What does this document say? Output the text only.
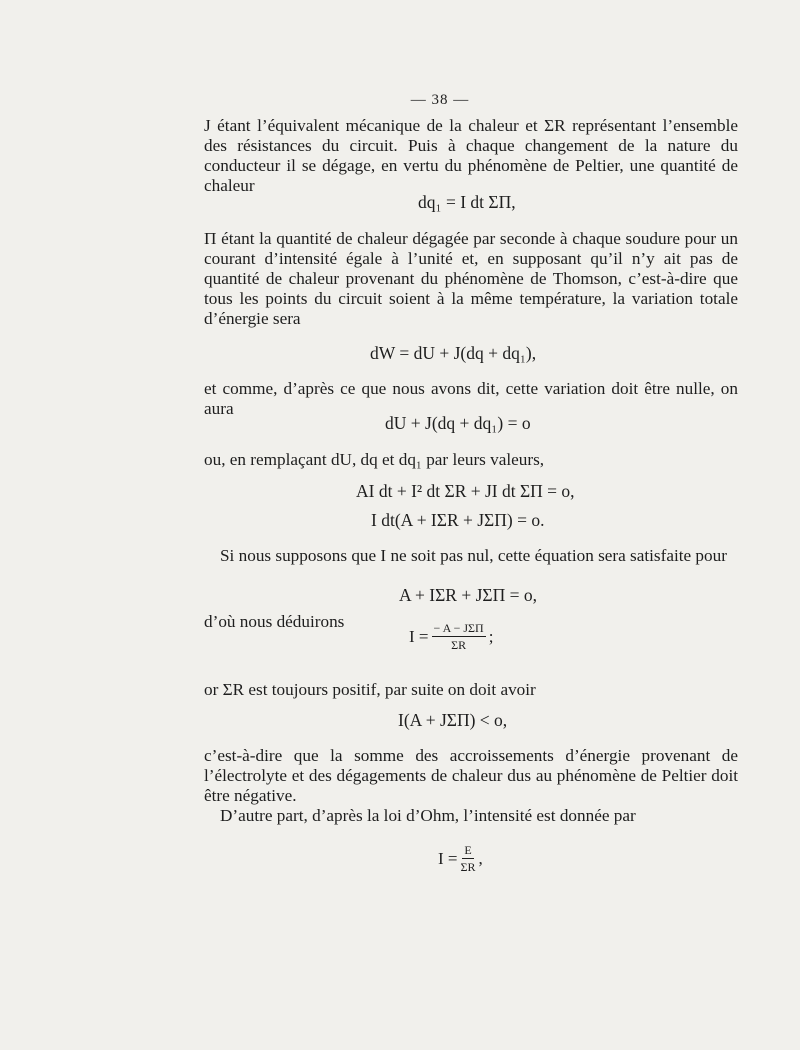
— 38 —
J étant l’équivalent mécanique de la chaleur et ΣR représentant l’ensemble des résistances du circuit. Puis à chaque changement de la nature du conducteur il se dégage, en vertu du phénomène de Peltier, une quantité de chaleur
dq₁ = I dt ΣΠ,
Π étant la quantité de chaleur dégagée par seconde à chaque soudure pour un courant d’intensité égale à l’unité et, en supposant qu’il n’y ait pas de quantité de chaleur provenant du phénomène de Thomson, c’est-à-dire que tous les points du circuit soient à la même température, la variation totale d’énergie sera
dW = dU + J(dq + dq₁),
et comme, d’après ce que nous avons dit, cette variation doit être nulle, on aura
dU + J(dq + dq₁) = o
ou, en remplaçant dU, dq et dq₁ par leurs valeurs,
AI dt + I² dt ΣR + JI dt ΣΠ = o,
I dt(A + IΣR + JΣΠ) = o.
Si nous supposons que I ne soit pas nul, cette équation sera satisfaite pour
A + IΣR + JΣΠ = o,
d’où nous déduirons
$I = \frac{\text{− A − JΣΠ}}{\Sigma R}$ ;
or ΣR est toujours positif, par suite on doit avoir
I(A + JΣΠ) < o,
c’est-à-dire que la somme des accroissements d’énergie provenant de l’électrolyte et des dégagements de chaleur dus au phénomène de Peltier doit être négative.
D’autre part, d’après la loi d’Ohm, l’intensité est donnée par
$I = \frac{E}{\Sigma R}$ ,
